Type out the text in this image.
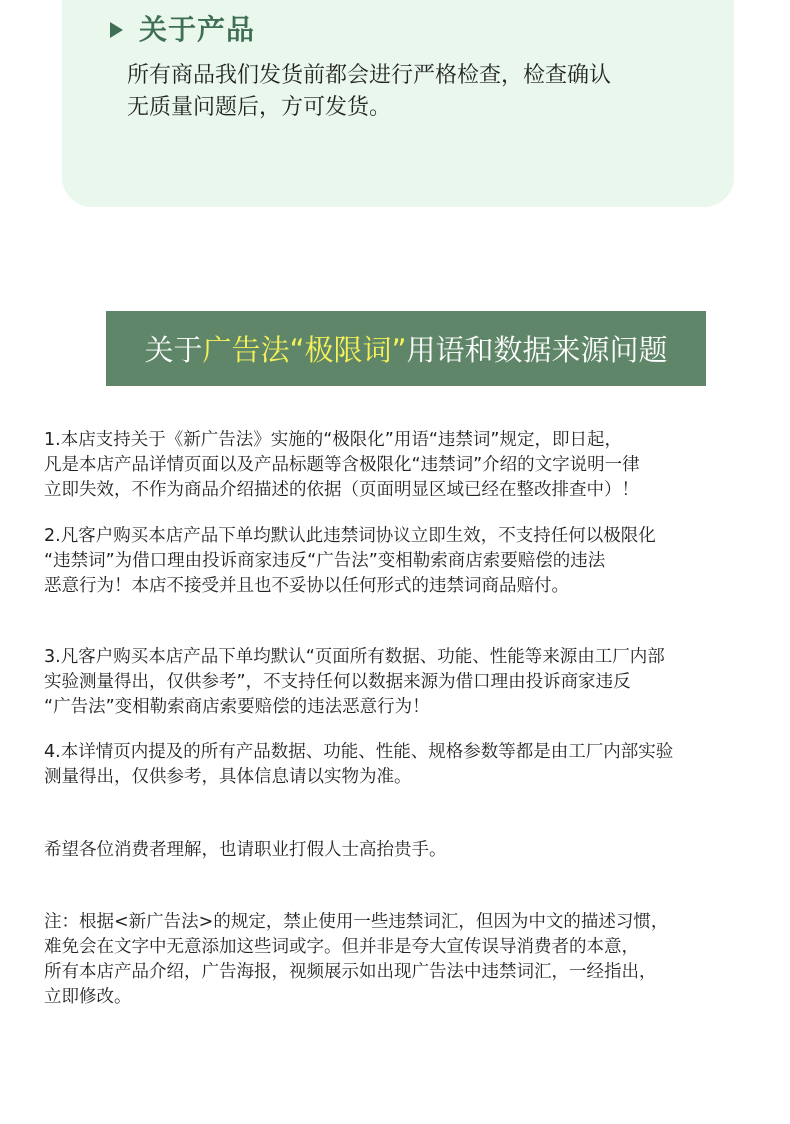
关于产品

所有商品我们发货前都会进行严格检查，检查确认

无质量问题后，方可发货。

关于 广告法“极限词” 用语和数据来源问题
1.本店支持关于《新广告法》实施的“极限化”用语“违禁词”规定，即日起，
凡是本店产品详情页面以及产品标题等含极限化“违禁词”介绍的文字说明一律
立即失效，不作为商品介绍描述的依据（页面明显区域已经在整改排查中）！
2.凡客户购买本店产品下单均默认此违禁词协议立即生效，不支持任何以极限化
“违禁词”为借口理由投诉商家违反“广告法”变相勒索商店索要赔偿的违法
恶意行为！本店不接受并且也不妥协以任何形式的违禁词商品赔付。
3.凡客户购买本店产品下单均默认“页面所有数据、功能、性能等来源由工厂内部
实验测量得出，仅供参考”，不支持任何以数据来源为借口理由投诉商家违反
“广告法”变相勒索商店索要赔偿的违法恶意行为！
4.本详情页内提及的所有产品数据、功能、性能、规格参数等都是由工厂内部实验
测量得出，仅供参考，具体信息请以实物为准。
希望各位消费者理解，也请职业打假人士高抬贵手。
注：根据<新广告法>的规定，禁止使用一些违禁词汇，但因为中文的描述习惯，
难免会在文字中无意添加这些词或字。但并非是夸大宣传误导消费者的本意，
所有本店产品介绍，广告海报，视频展示如出现广告法中违禁词汇，一经指出，
立即修改。
